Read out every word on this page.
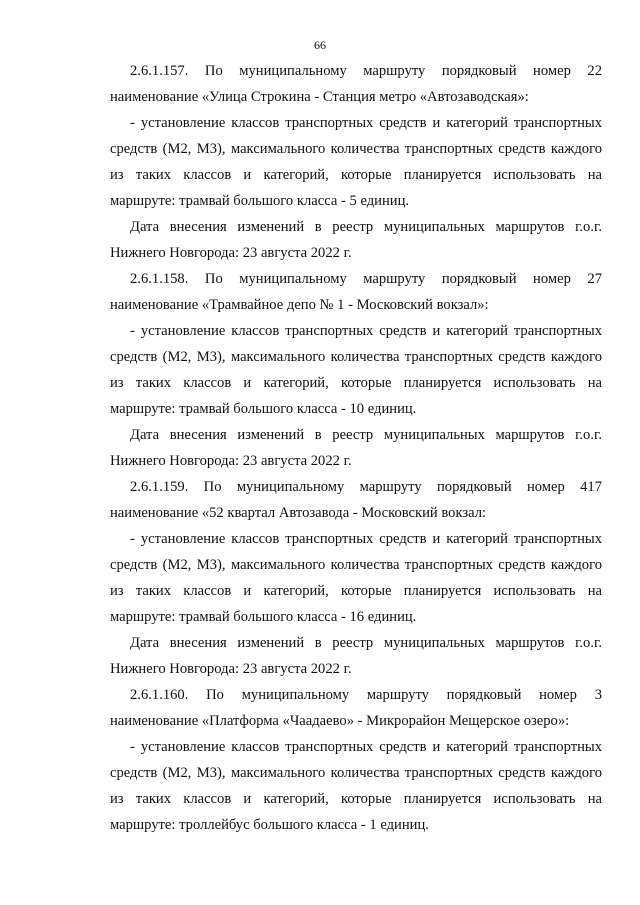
66

2.6.1.157. По муниципальному маршруту порядковый номер 22 наименование «Улица Строкина - Станция метро «Автозаводская»:

- установление классов транспортных средств и категорий транспортных средств (М2, М3), максимального количества транспортных средств каждого из таких классов и категорий, которые планируется использовать на маршруте: трамвай большого класса - 5 единиц.

Дата внесения изменений в реестр муниципальных маршрутов г.о.г. Нижнего Новгорода: 23 августа 2022 г.

2.6.1.158. По муниципальному маршруту порядковый номер 27 наименование «Трамвайное депо № 1 - Московский вокзал»:

- установление классов транспортных средств и категорий транспортных средств (М2, М3), максимального количества транспортных средств каждого из таких классов и категорий, которые планируется использовать на маршруте: трамвай большого класса - 10 единиц.

Дата внесения изменений в реестр муниципальных маршрутов г.о.г. Нижнего Новгорода: 23 августа 2022 г.

2.6.1.159. По муниципальному маршруту порядковый номер 417 наименование «52 квартал Автозавода - Московский вокзал:

- установление классов транспортных средств и категорий транспортных средств (М2, М3), максимального количества транспортных средств каждого из таких классов и категорий, которые планируется использовать на маршруте: трамвай большого класса - 16 единиц.

Дата внесения изменений в реестр муниципальных маршрутов г.о.г. Нижнего Новгорода: 23 августа 2022 г.

2.6.1.160. По муниципальному маршруту порядковый номер 3 наименование «Платформа «Чаадаево» - Микрорайон Мещерское озеро»:

- установление классов транспортных средств и категорий транспортных средств (М2, М3), максимального количества транспортных средств каждого из таких классов и категорий, которые планируется использовать на маршруте: троллейбус большого класса - 1 единиц.
